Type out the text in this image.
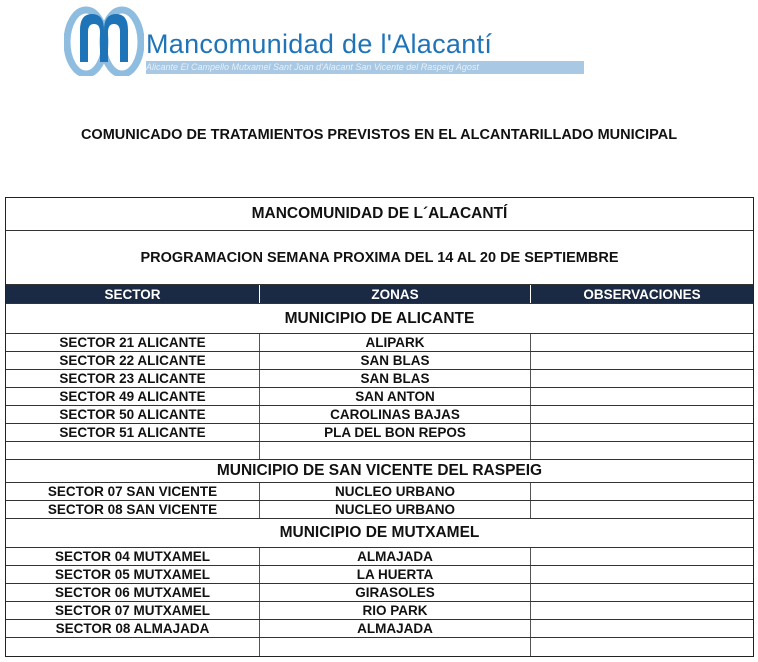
Mancomunidad de l'Alacantí
Alicante El Campello Mutxamel Sant Joan d'Alacant San Vicente del Raspeig Agost
COMUNICADO DE TRATAMIENTOS PREVISTOS EN EL ALCANTARILLADO MUNICIPAL
MANCOMUNIDAD DE L´ALACANTÍ
PROGRAMACION SEMANA PROXIMA DEL 14 AL 20 DE SEPTIEMBRE
SECTOR	ZONAS	OBSERVACIONES
MUNICIPIO DE ALICANTE
SECTOR 21 ALICANTE	ALIPARK
SECTOR 22 ALICANTE	SAN BLAS
SECTOR 23 ALICANTE	SAN BLAS
SECTOR 49 ALICANTE	SAN ANTON
SECTOR 50 ALICANTE	CAROLINAS BAJAS
SECTOR 51 ALICANTE	PLA DEL BON REPOS
MUNICIPIO DE SAN VICENTE DEL RASPEIG
SECTOR 07 SAN VICENTE	NUCLEO URBANO
SECTOR 08 SAN VICENTE	NUCLEO URBANO
MUNICIPIO DE MUTXAMEL
SECTOR 04 MUTXAMEL	ALMAJADA
SECTOR 05 MUTXAMEL	LA HUERTA
SECTOR 06 MUTXAMEL	GIRASOLES
SECTOR 07 MUTXAMEL	RIO PARK
SECTOR 08 ALMAJADA	ALMAJADA
